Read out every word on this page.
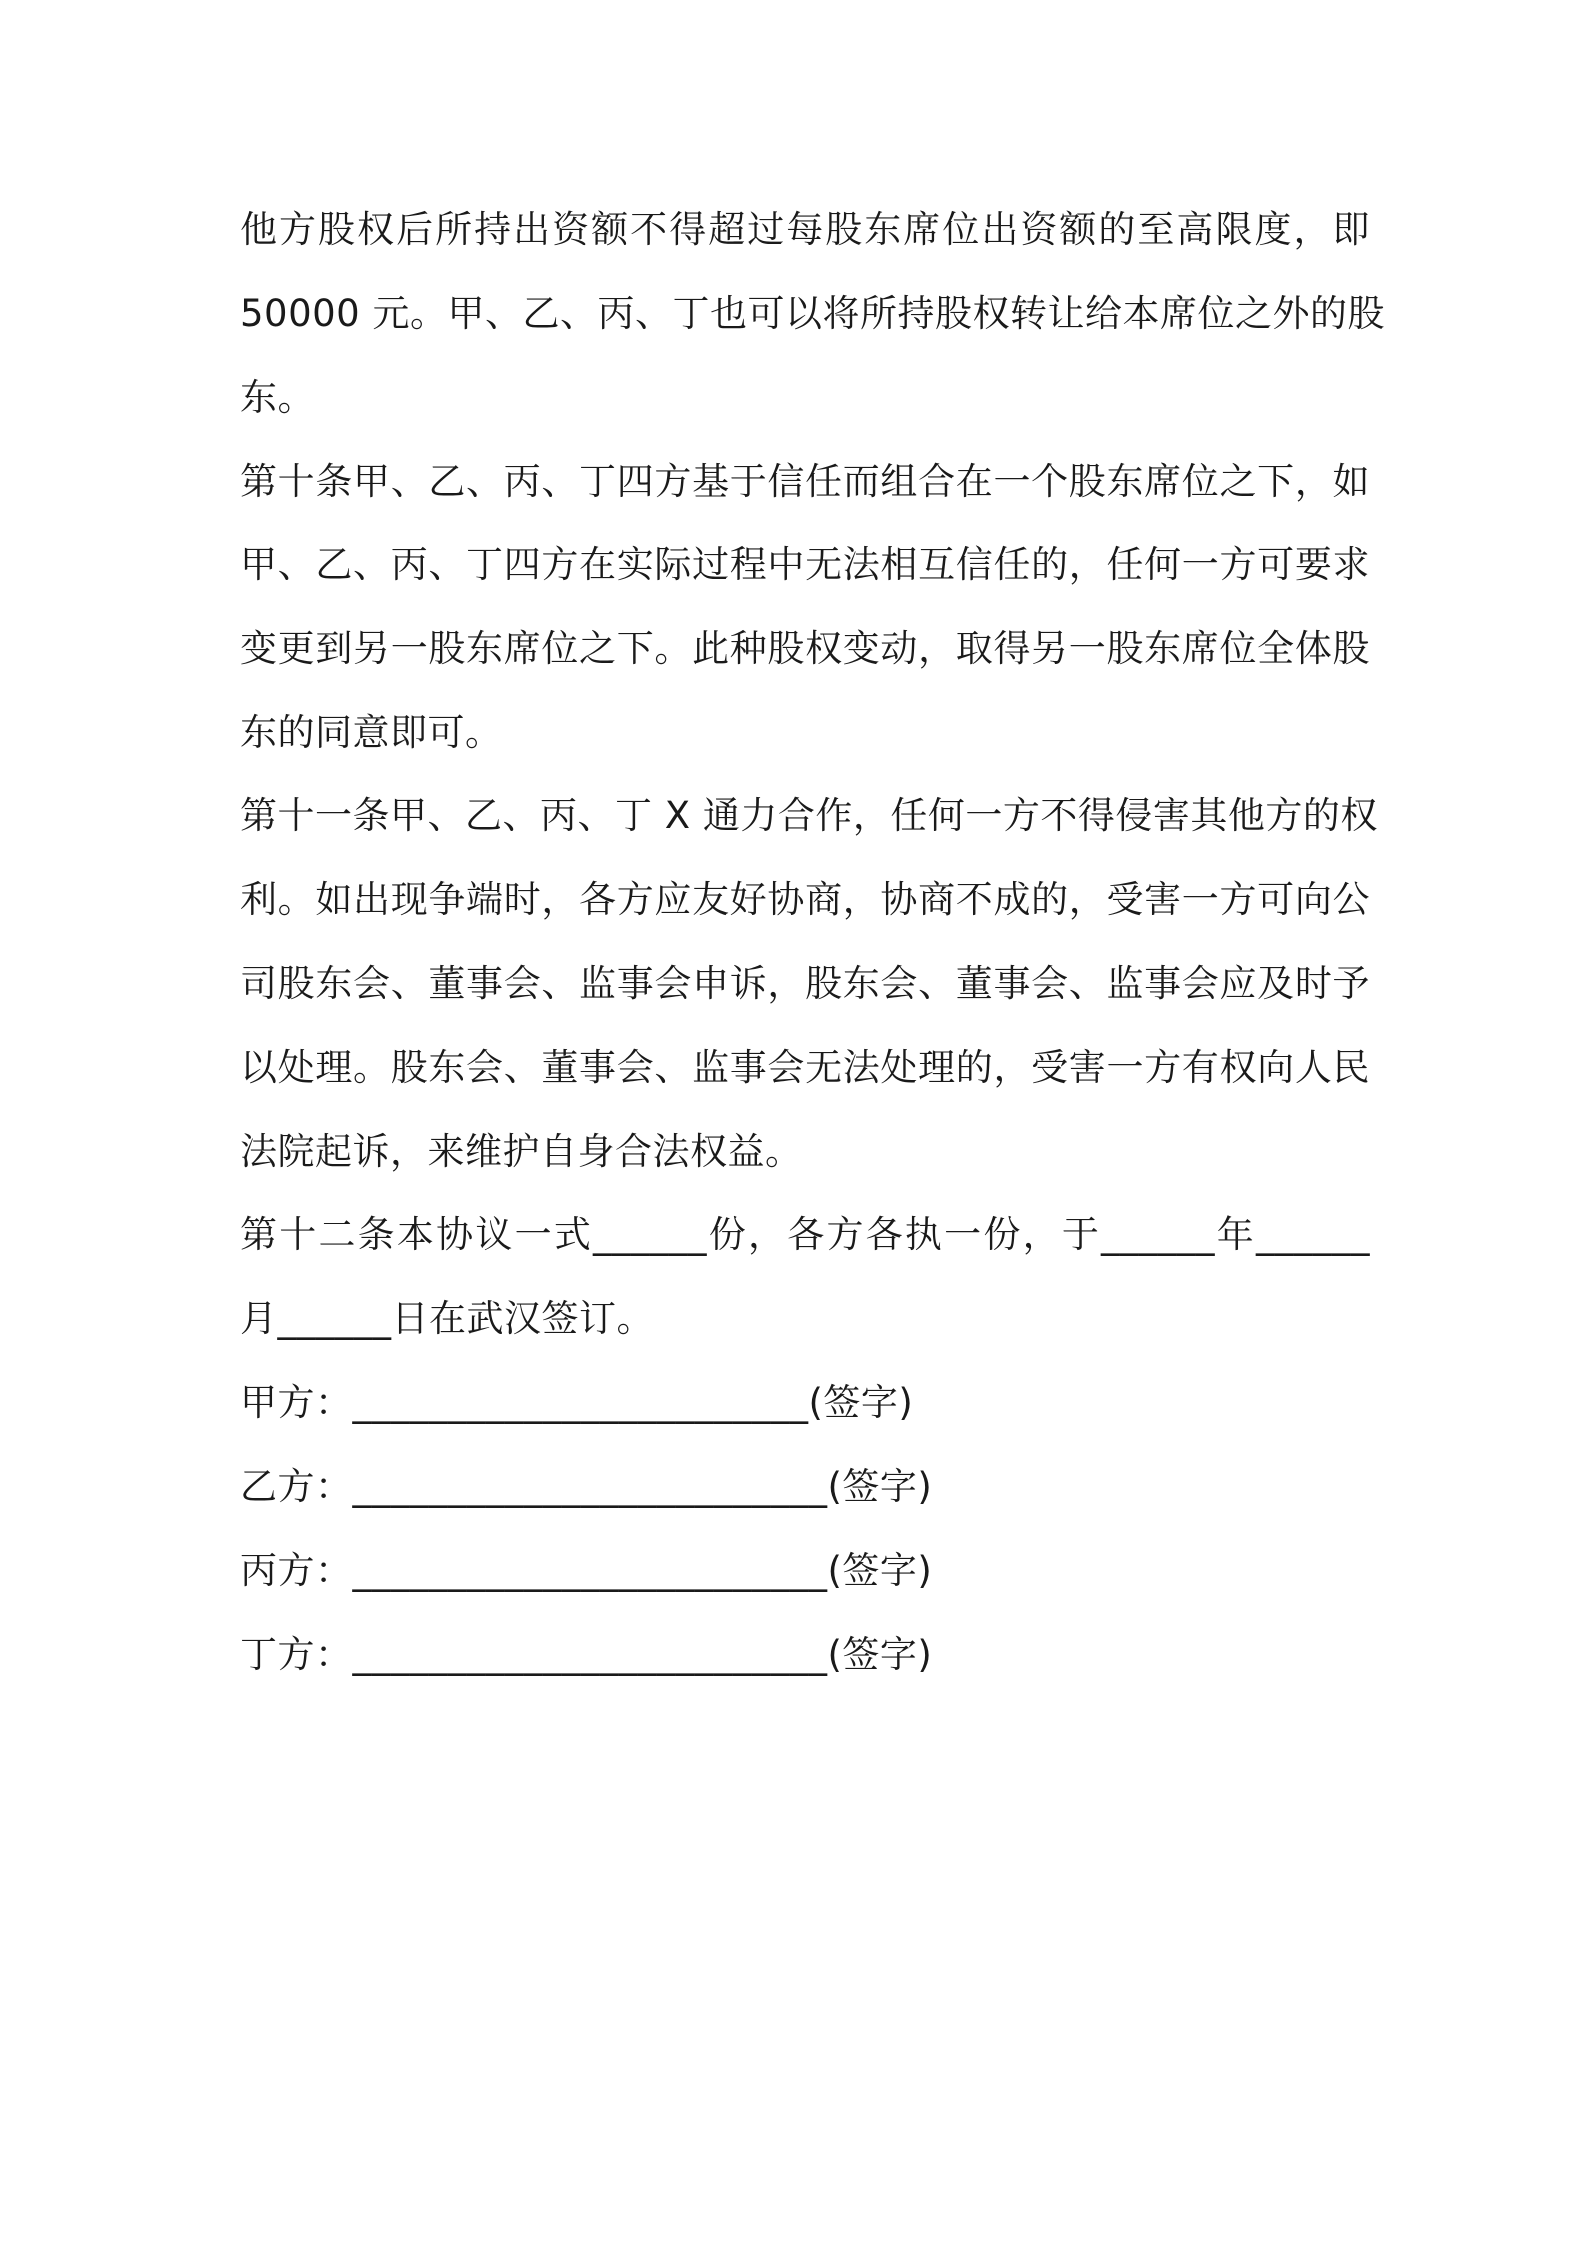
他方股权后所持出资额不得超过每股东席位出资额的至高限度，即
50000 元。甲、乙、丙、丁也可以将所持股权转让给本席位之外的股
东。
第十条甲、乙、丙、丁四方基于信任而组合在一个股东席位之下，如
甲、乙、丙、丁四方在实际过程中无法相互信任的，任何一方可要求
变更到另一股东席位之下。此种股权变动，取得另一股东席位全体股
东的同意即可。
第十一条甲、乙、丙、丁 X 通力合作，任何一方不得侵害其他方的权
利。如出现争端时，各方应友好协商，协商不成的，受害一方可向公
司股东会、董事会、监事会申诉，股东会、董事会、监事会应及时予
以处理。股东会、董事会、监事会无法处理的，受害一方有权向人民
法院起诉，来维护自身合法权益。
第十二条本协议一式______份，各方各执一份，于______年______
月______日在武汉签订。
甲方：________________________(签字)
乙方：_________________________(签字)
丙方：_________________________(签字)
丁方：_________________________(签字)
